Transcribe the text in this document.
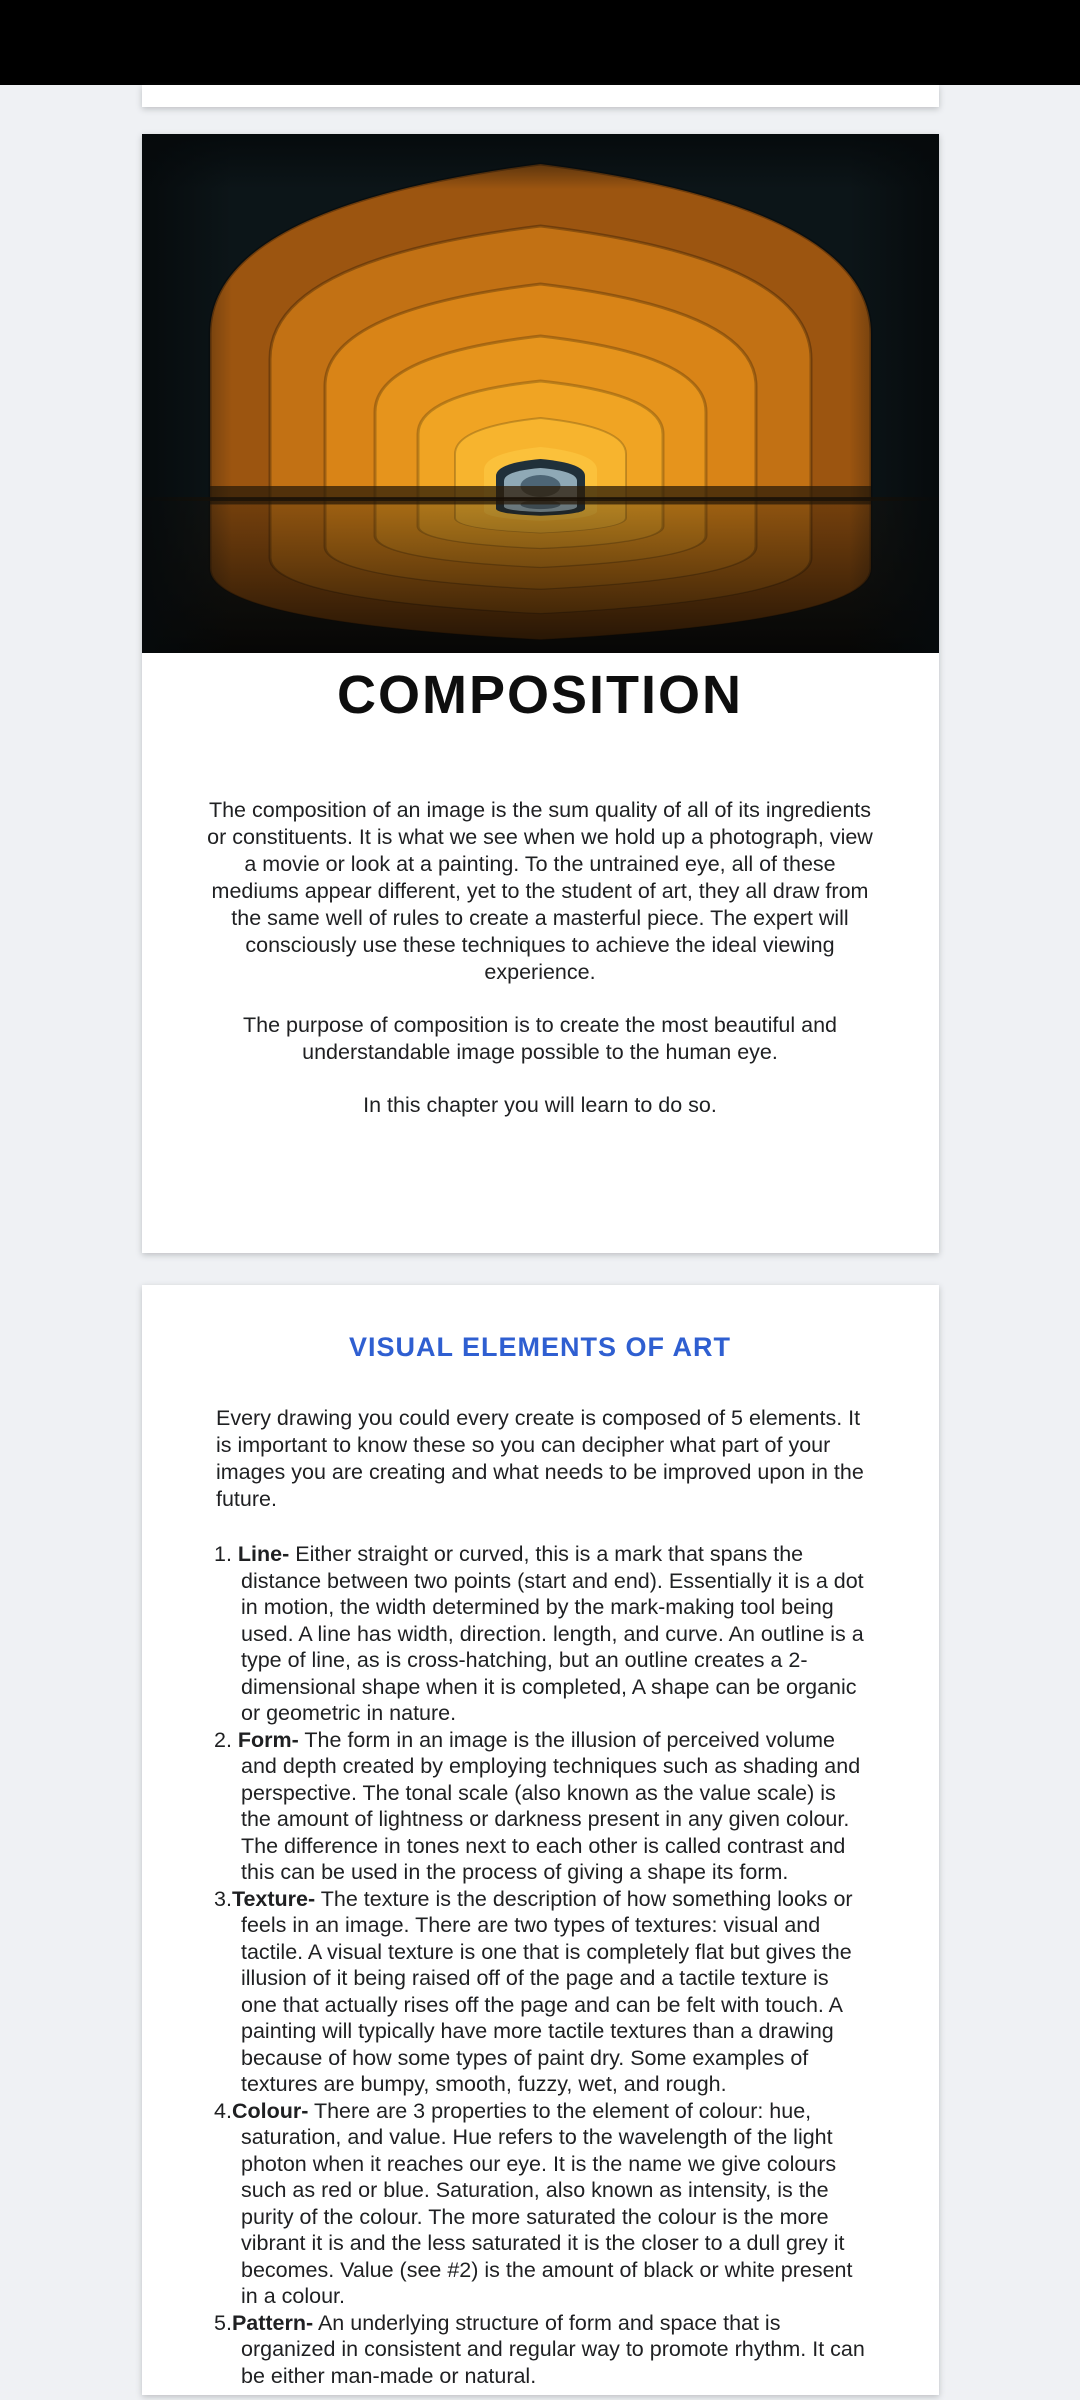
COMPOSITION

The composition of an image is the sum quality of all of its ingredients or constituents. It is what we see when we hold up a photograph, view a movie or look at a painting. To the untrained eye, all of these mediums appear different, yet to the student of art, they all draw from the same well of rules to create a masterful piece. The expert will consciously use these techniques to achieve the ideal viewing experience.

The purpose of composition is to create the most beautiful and understandable image possible to the human eye.

In this chapter you will learn to do so.

VISUAL ELEMENTS OF ART

Every drawing you could every create is composed of 5 elements. It is important to know these so you can decipher what part of your images you are creating and what needs to be improved upon in the future.

1. Line- Either straight or curved, this is a mark that spans the distance between two points (start and end). Essentially it is a dot in motion, the width determined by the mark-making tool being used. A line has width, direction. length, and curve. An outline is a type of line, as is cross-hatching, but an outline creates a 2-dimensional shape when it is completed, A shape can be organic or geometric in nature.
2. Form- The form in an image is the illusion of perceived volume and depth created by employing techniques such as shading and perspective. The tonal scale (also known as the value scale) is the amount of lightness or darkness present in any given colour. The difference in tones next to each other is called contrast and this can be used in the process of giving a shape its form.
3.Texture- The texture is the description of how something looks or feels in an image. There are two types of textures: visual and tactile. A visual texture is one that is completely flat but gives the illusion of it being raised off of the page and a tactile texture is one that actually rises off the page and can be felt with touch. A painting will typically have more tactile textures than a drawing because of how some types of paint dry. Some examples of textures are bumpy, smooth, fuzzy, wet, and rough.
4.Colour- There are 3 properties to the element of colour: hue, saturation, and value. Hue refers to the wavelength of the light photon when it reaches our eye. It is the name we give colours such as red or blue. Saturation, also known as intensity, is the purity of the colour. The more saturated the colour is the more vibrant it is and the less saturated it is the closer to a dull grey it becomes. Value (see #2) is the amount of black or white present in a colour.
5.Pattern- An underlying structure of form and space that is organized in consistent and regular way to promote rhythm. It can be either man-made or natural.
